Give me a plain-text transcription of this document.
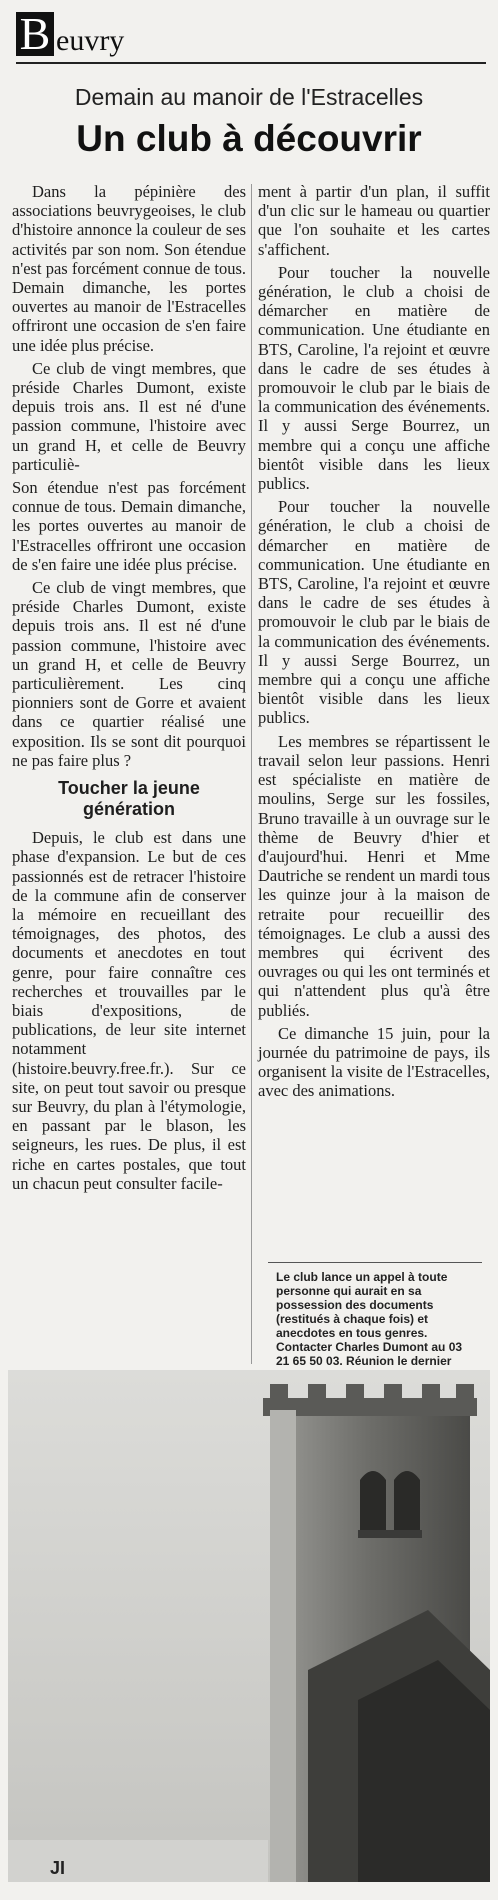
B euvry
Demain au manoir de l'Estracelles
Un club à découvrir

Dans la pépinière des associations beuvrygeoises, le club d'histoire annonce la couleur de ses activités par son nom. Son étendue n'est pas forcément connue de tous. Demain dimanche, les portes ouvertes au manoir de l'Estracelles offriront une occasion de s'en faire une idée plus précise.

Ce club de vingt membres, que préside Charles Dumont, existe depuis trois ans. Il est né d'une passion commune, l'histoire avec un grand H, et celle de Beuvry particuliè-

Son étendue n'est pas forcément connue de tous. Demain dimanche, les portes ouvertes au manoir de l'Estracelles offriront une occasion de s'en faire une idée plus précise.

Ce club de vingt membres, que préside Charles Dumont, existe depuis trois ans. Il est né d'une passion commune, l'histoire avec un grand H, et celle de Beuvry particulièrement. Les cinq pionniers sont de Gorre et avaient dans ce quartier réalisé une exposition. Ils se sont dit pourquoi ne pas faire plus ?

Toucher la jeune génération

Depuis, le club est dans une phase d'expansion. Le but de ces passionnés est de retracer l'histoire de la commune afin de conserver la mémoire en recueillant des témoignages, des photos, des documents et anecdotes en tout genre, pour faire connaître ces recherches et trouvailles par le biais d'expositions, de publications, de leur site internet notamment (histoire.beuvry.free.fr.). Sur ce site, on peut tout savoir ou presque sur Beuvry, du plan à l'étymologie, en passant par le blason, les seigneurs, les rues. De plus, il est riche en cartes postales, que tout un chacun peut consulter facile-

ment à partir d'un plan, il suffit d'un clic sur le hameau ou quartier que l'on souhaite et les cartes s'affichent.

Pour toucher la nouvelle génération, le club a choisi de démarcher en matière de communication. Une étudiante en BTS, Caroline, l'a rejoint et œuvre dans le cadre de ses études à promouvoir le club par le biais de la communication des événements. Il y aussi Serge Bourrez, un membre qui a conçu une affiche bientôt visible dans les lieux publics.

Pour toucher la nouvelle génération, le club a choisi de démarcher en matière de communication. Une étudiante en BTS, Caroline, l'a rejoint et œuvre dans le cadre de ses études à promouvoir le club par le biais de la communication des événements. Il y aussi Serge Bourrez, un membre qui a conçu une affiche bientôt visible dans les lieux publics.

Les membres se répartissent le travail selon leur passions. Henri est spécialiste en matière de moulins, Serge sur les fossiles, Bruno travaille à un ouvrage sur le thème de Beuvry d'hier et d'aujourd'hui. Henri et Mme Dautriche se rendent un mardi tous les quinze jour à la maison de retraite pour recueillir des témoignages. Le club a aussi des membres qui écrivent des ouvrages ou qui les ont terminés et qui n'attendent plus qu'à être publiés.

Ce dimanche 15 juin, pour la journée du patrimoine de pays, ils organisent la visite de l'Estracelles, avec des animations.

Le club lance un appel à toute personne qui aurait en sa possession des documents (restitués à chaque fois) et anecdotes en tous genres. Contacter Charles Dumont au 03 21 65 50 03. Réunion le dernier
JI
